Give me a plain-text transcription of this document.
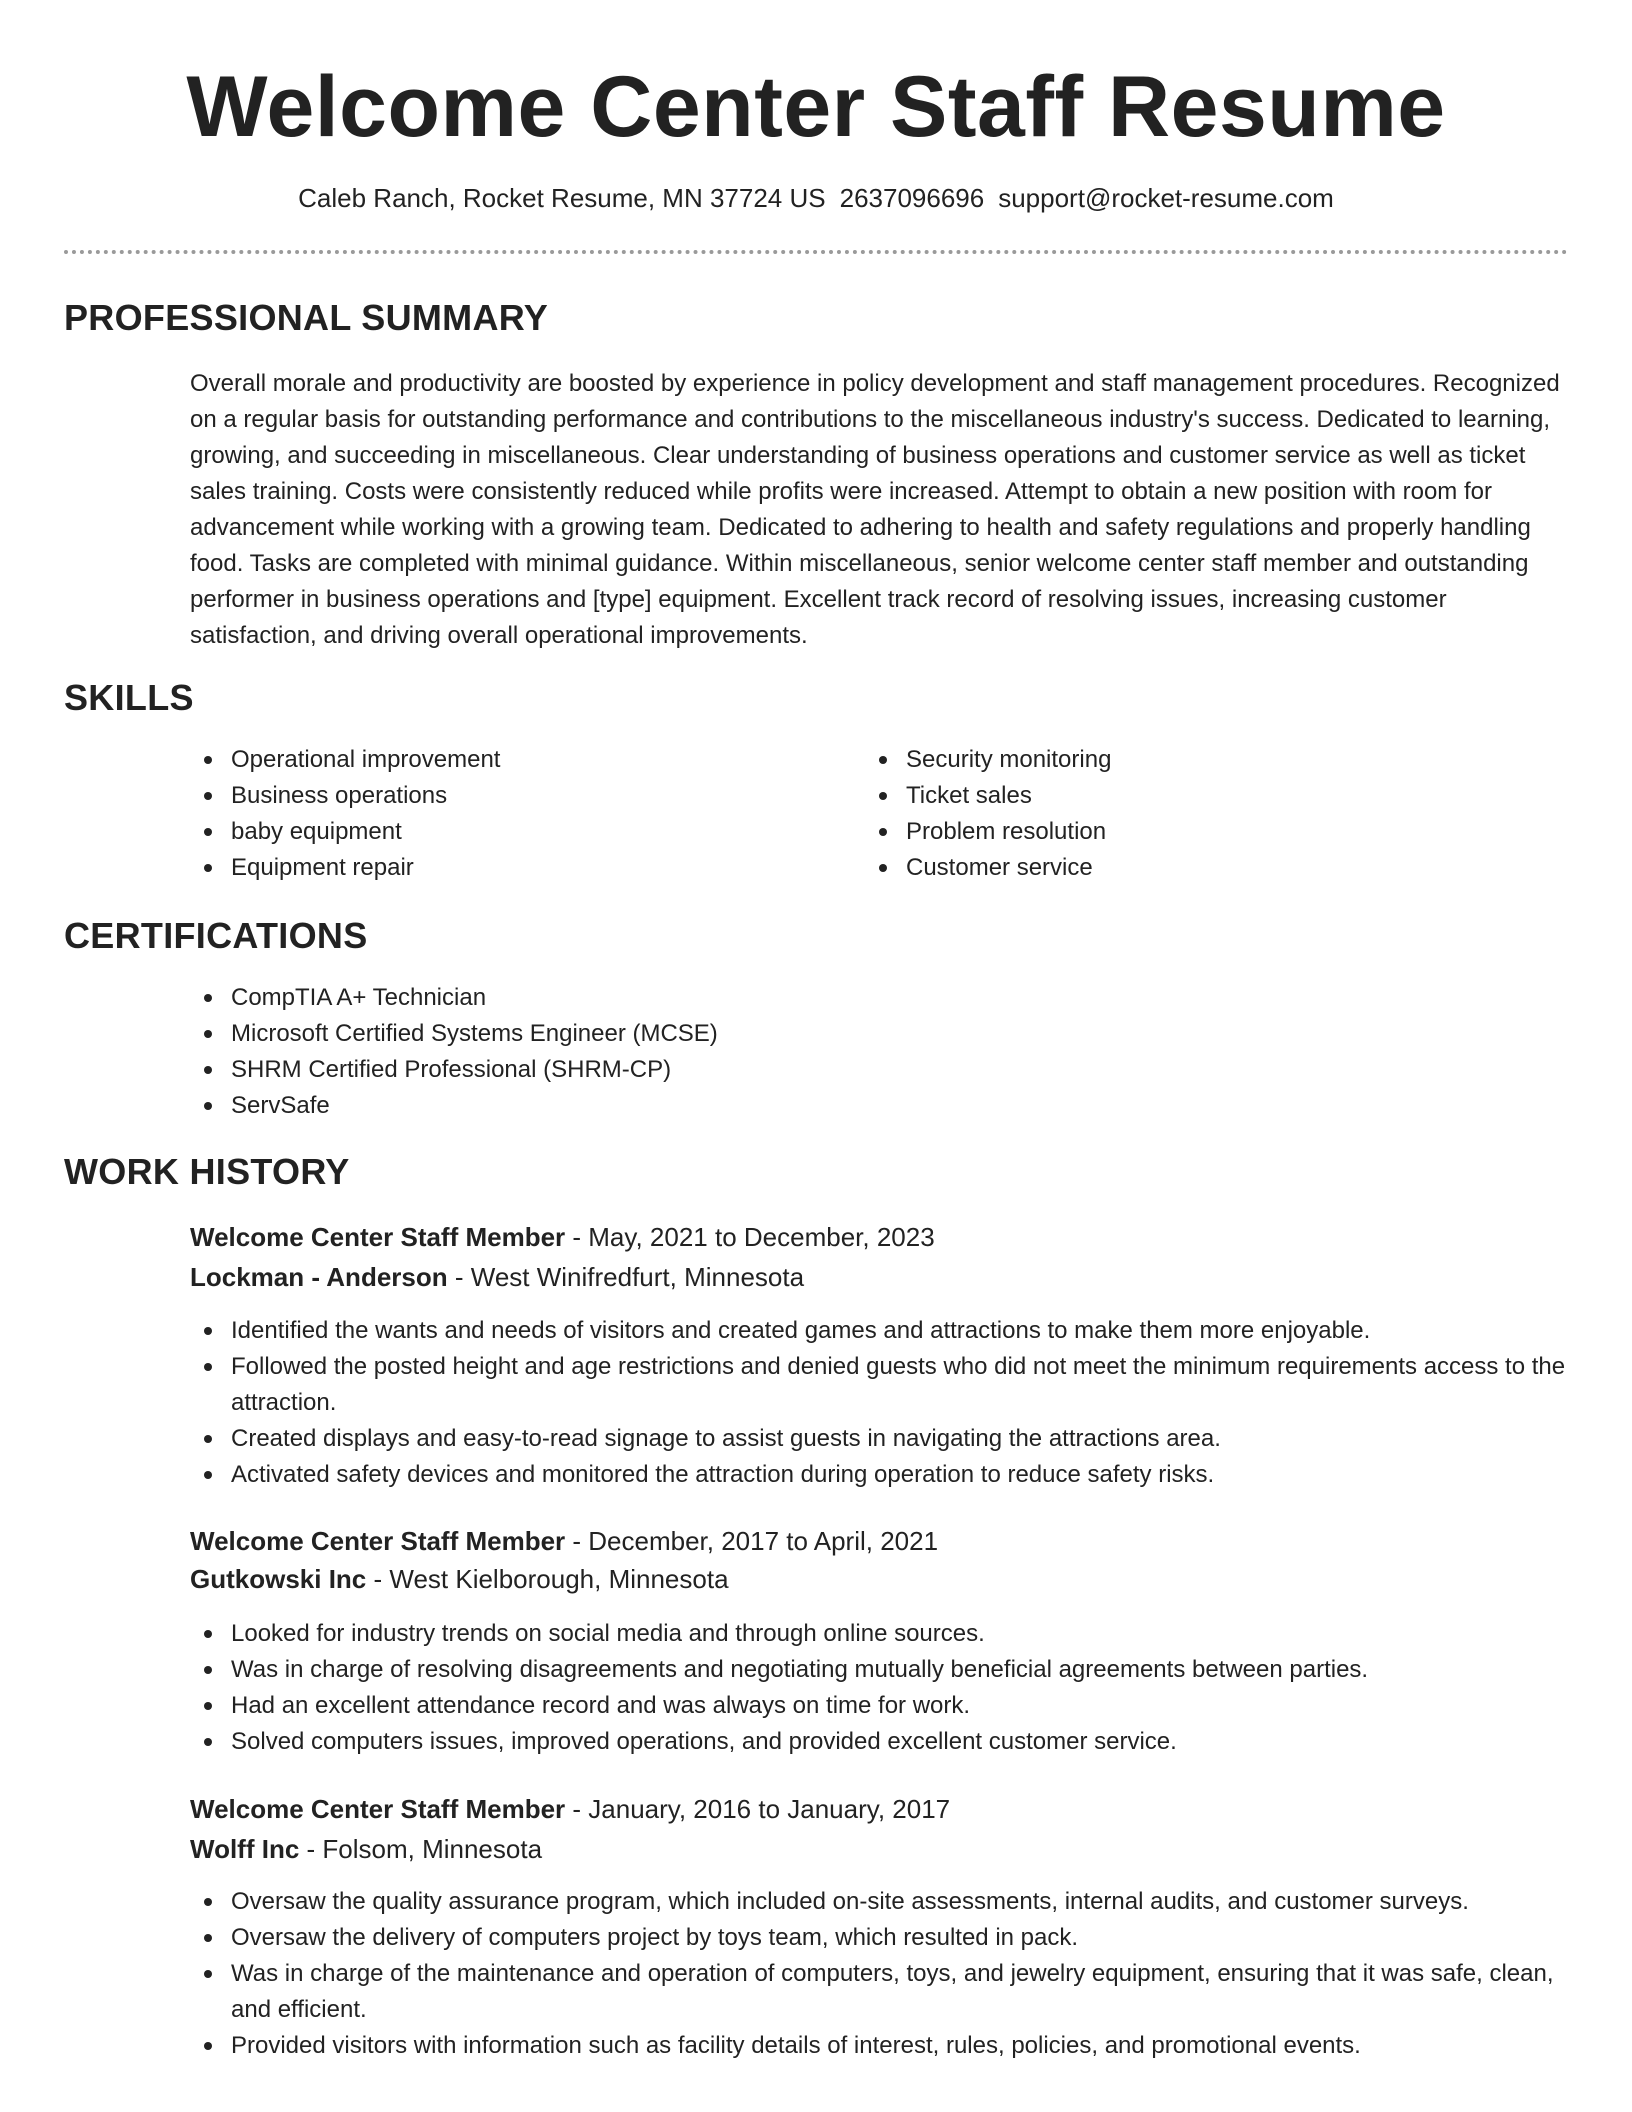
Welcome Center Staff Resume
Caleb Ranch, Rocket Resume, MN 37724 US 2637096696 support@rocket-resume.com
PROFESSIONAL SUMMARY

Overall morale and productivity are boosted by experience in policy development and staff management procedures. Recognized on a regular basis for outstanding performance and contributions to the miscellaneous industry's success. Dedicated to learning, growing, and succeeding in miscellaneous. Clear understanding of business operations and customer service as well as ticket sales training. Costs were consistently reduced while profits were increased. Attempt to obtain a new position with room for advancement while working with a growing team. Dedicated to adhering to health and safety regulations and properly handling food. Tasks are completed with minimal guidance. Within miscellaneous, senior welcome center staff member and outstanding performer in business operations and [type] equipment. Excellent track record of resolving issues, increasing customer satisfaction, and driving overall operational improvements.

SKILLS
Operational improvement
Business operations
baby equipment
Equipment repair
Security monitoring
Ticket sales
Problem resolution
Customer service
CERTIFICATIONS
CompTIA A+ Technician
Microsoft Certified Systems Engineer (MCSE)
SHRM Certified Professional (SHRM-CP)
ServSafe
WORK HISTORY
Welcome Center Staff Member - May, 2021 to December, 2023
Lockman - Anderson - West Winifredfurt, Minnesota
Identified the wants and needs of visitors and created games and attractions to make them more enjoyable.
Followed the posted height and age restrictions and denied guests who did not meet the minimum requirements access to the attraction.
Created displays and easy-to-read signage to assist guests in navigating the attractions area.
Activated safety devices and monitored the attraction during operation to reduce safety risks.
Welcome Center Staff Member - December, 2017 to April, 2021
Gutkowski Inc - West Kielborough, Minnesota
Looked for industry trends on social media and through online sources.
Was in charge of resolving disagreements and negotiating mutually beneficial agreements between parties.
Had an excellent attendance record and was always on time for work.
Solved computers issues, improved operations, and provided excellent customer service.
Welcome Center Staff Member - January, 2016 to January, 2017
Wolff Inc - Folsom, Minnesota
Oversaw the quality assurance program, which included on-site assessments, internal audits, and customer surveys.
Oversaw the delivery of computers project by toys team, which resulted in pack.
Was in charge of the maintenance and operation of computers, toys, and jewelry equipment, ensuring that it was safe, clean, and efficient.
Provided visitors with information such as facility details of interest, rules, policies, and promotional events.
